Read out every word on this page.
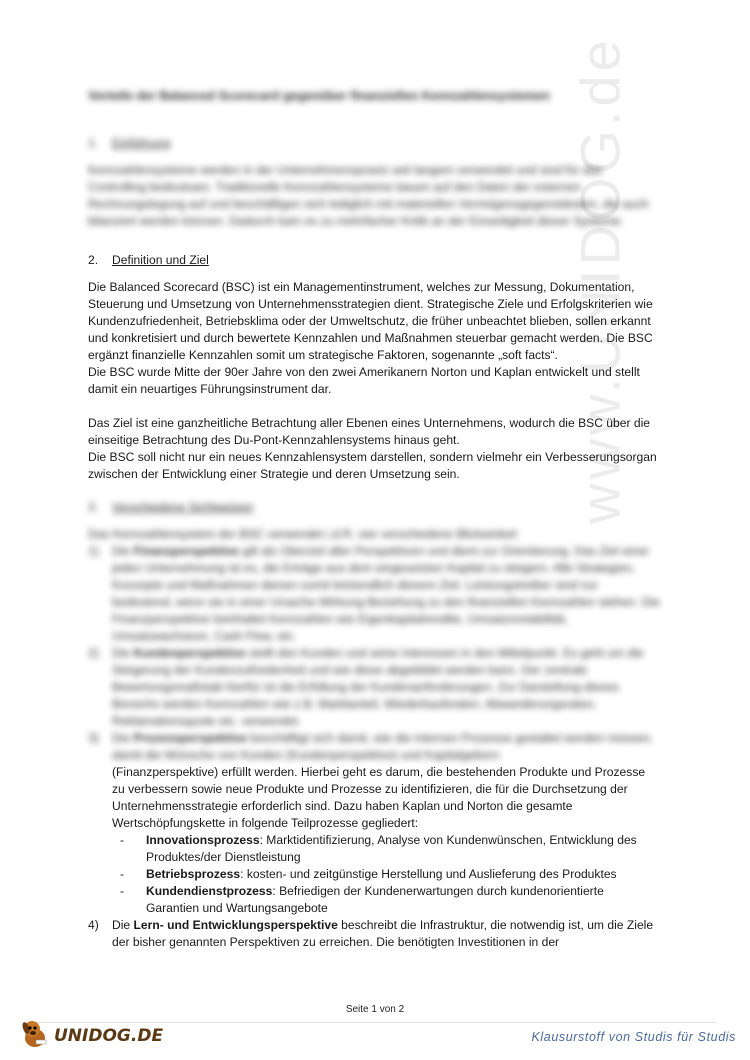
www.UNIDOG.de

Vorteile der Balanced Scorecard gegenüber finanziellen Kennzahlensystemen

1.	Einführung

Kennzahlensysteme werden in der Unternehmenspraxis seit langem verwendet und sind für das Controlling bedeutsam. Traditionelle Kennzahlensysteme bauen auf den Daten der externen Rechnungslegung auf und beschäftigen sich lediglich mit materiellen Vermögensgegenständen, die auch bilanziert werden können. Dadurch kam es zu mehrfacher Kritik an der Einseitigkeit dieser Systeme.

2.	Definition und Ziel

Die Balanced Scorecard (BSC) ist ein Managementinstrument, welches zur Messung, Dokumentation, Steuerung und Umsetzung von Unternehmensstrategien dient. Strategische Ziele und Erfolgskriterien wie Kundenzufriedenheit, Betriebsklima oder der Umweltschutz, die früher unbeachtet blieben, sollen erkannt und konkretisiert und durch bewertete Kennzahlen und Maßnahmen steuerbar gemacht werden. Die BSC ergänzt finanzielle Kennzahlen somit um strategische Faktoren, sogenannte „soft facts“.

Die BSC wurde Mitte der 90er Jahre von den zwei Amerikanern Norton und Kaplan entwickelt und stellt damit ein neuartiges Führungsinstrument dar.

Das Ziel ist eine ganzheitliche Betrachtung aller Ebenen eines Unternehmens, wodurch die BSC über die einseitige Betrachtung des Du-Pont-Kennzahlensystems hinaus geht.

Die BSC soll nicht nur ein neues Kennzahlensystem darstellen, sondern vielmehr ein Verbesserungsorgan zwischen der Entwicklung einer Strategie und deren Umsetzung sein.

3.	Verschiedene Sichtweisen

Das Kennzahlensystem der BSC verwendet i.d.R. vier verschiedene Blickwinkel:

1)	Die Finanzperspektive gilt als Oberziel aller Perspektiven und dient zur Orientierung. Das Ziel einer jeden Unternehmung ist es, die Erträge aus dem eingesetzten Kapital zu steigern. Alle Strategien, Konzepte und Maßnahmen dienen somit letztendlich diesem Ziel. Leistungstreiber sind nur bedeutend, wenn sie in einer Ursache-Wirkung-Beziehung zu den finanziellen Kennzahlen stehen. Die Finanzperspektive beinhaltet Kennzahlen wie Eigenkapitalrendite, Umsatzrentabilität, Umsatzwachstum, Cash Flow, etc.
2)	Die Kundenperspektive stellt den Kunden und seine Interessen in den Mittelpunkt. Es geht um die Steigerung der Kundenzufriedenheit und wie diese abgebildet werden kann. Der zentrale Bewertungsmaßstab hierfür ist die Erfüllung der Kundenanforderungen. Zur Darstellung dieses Bereichs werden Kennzahlen wie z.B. Marktanteil, Wiederkaufsraten, Abwanderungsraten, Reklamationsquote etc. verwendet.
3)	Die Prozessperspektive beschäftigt sich damit, wie die internen Prozesse gestaltet werden müssen, damit die Wünsche von Kunden (Kundenperspektive) und Kapitalgebern
(Finanzperspektive) erfüllt werden. Hierbei geht es darum, die bestehenden Produkte und Prozesse zu verbessern sowie neue Produkte und Prozesse zu identifizieren, die für die Durchsetzung der Unternehmensstrategie erforderlich sind. Dazu haben Kaplan und Norton die gesamte Wertschöpfungskette in folgende Teilprozesse gegliedert:
-	Innovationsprozess: Marktidentifizierung, Analyse von Kundenwünschen, Entwicklung des Produktes/der Dienstleistung
-	Betriebsprozess: kosten- und zeitgünstige Herstellung und Auslieferung des Produktes
-	Kundendienstprozess: Befriedigen der Kundenerwartungen durch kundenorientierte Garantien und Wartungsangebote
4)	Die Lern- und Entwicklungsperspektive beschreibt die Infrastruktur, die notwendig ist, um die Ziele der bisher genannten Perspektiven zu erreichen. Die benötigten Investitionen in der
Seite 1 von 2
UNIDOG.DE	Klausurstoff von Studis für Studis
